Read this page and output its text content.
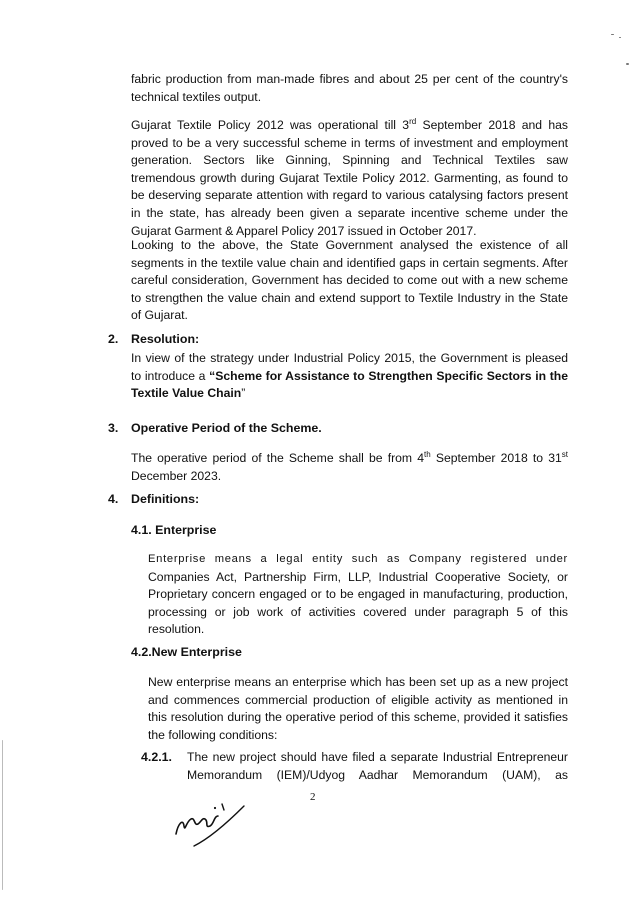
fabric production from man-made fibres and about 25 per cent of the country's

technical textiles output.

Gujarat Textile Policy 2012 was operational till 3rd September 2018 and has proved to be a very successful scheme in terms of investment and employment generation. Sectors like Ginning, Spinning and Technical Textiles saw tremendous growth during Gujarat Textile Policy 2012. Garmenting, as found to be deserving separate attention with regard to various catalysing factors present in the state, has already been given a separate incentive scheme under the Gujarat Garment & Apparel Policy 2017 issued in October 2017.

Looking to the above, the State Government analysed the existence of all segments in the textile value chain and identified gaps in certain segments. After careful consideration, Government has decided to come out with a new scheme to strengthen the value chain and extend support to Textile Industry in the State of Gujarat.

2. Resolution:

In view of the strategy under Industrial Policy 2015, the Government is pleased to introduce a “Scheme for Assistance to Strengthen Specific Sectors in the Textile Value Chain”

3. Operative Period of the Scheme.

The operative period of the Scheme shall be from 4th September 2018 to 31st December 2023.

4. Definitions:
4.1. Enterprise

Enterprise means a legal entity such as Company registered under

Companies Act, Partnership Firm, LLP, Industrial Cooperative Society, or Proprietary concern engaged or to be engaged in manufacturing, production, processing or job work of activities covered under paragraph 5 of this resolution.

4.2.New Enterprise

New enterprise means an enterprise which has been set up as a new project and commences commercial production of eligible activity as mentioned in this resolution during the operative period of this scheme, provided it satisfies the following conditions:

4.2.1. The new project should have filed a separate Industrial Entrepreneur

Memorandum (IEM)/Udyog Aadhar Memorandum (UAM), as

2
